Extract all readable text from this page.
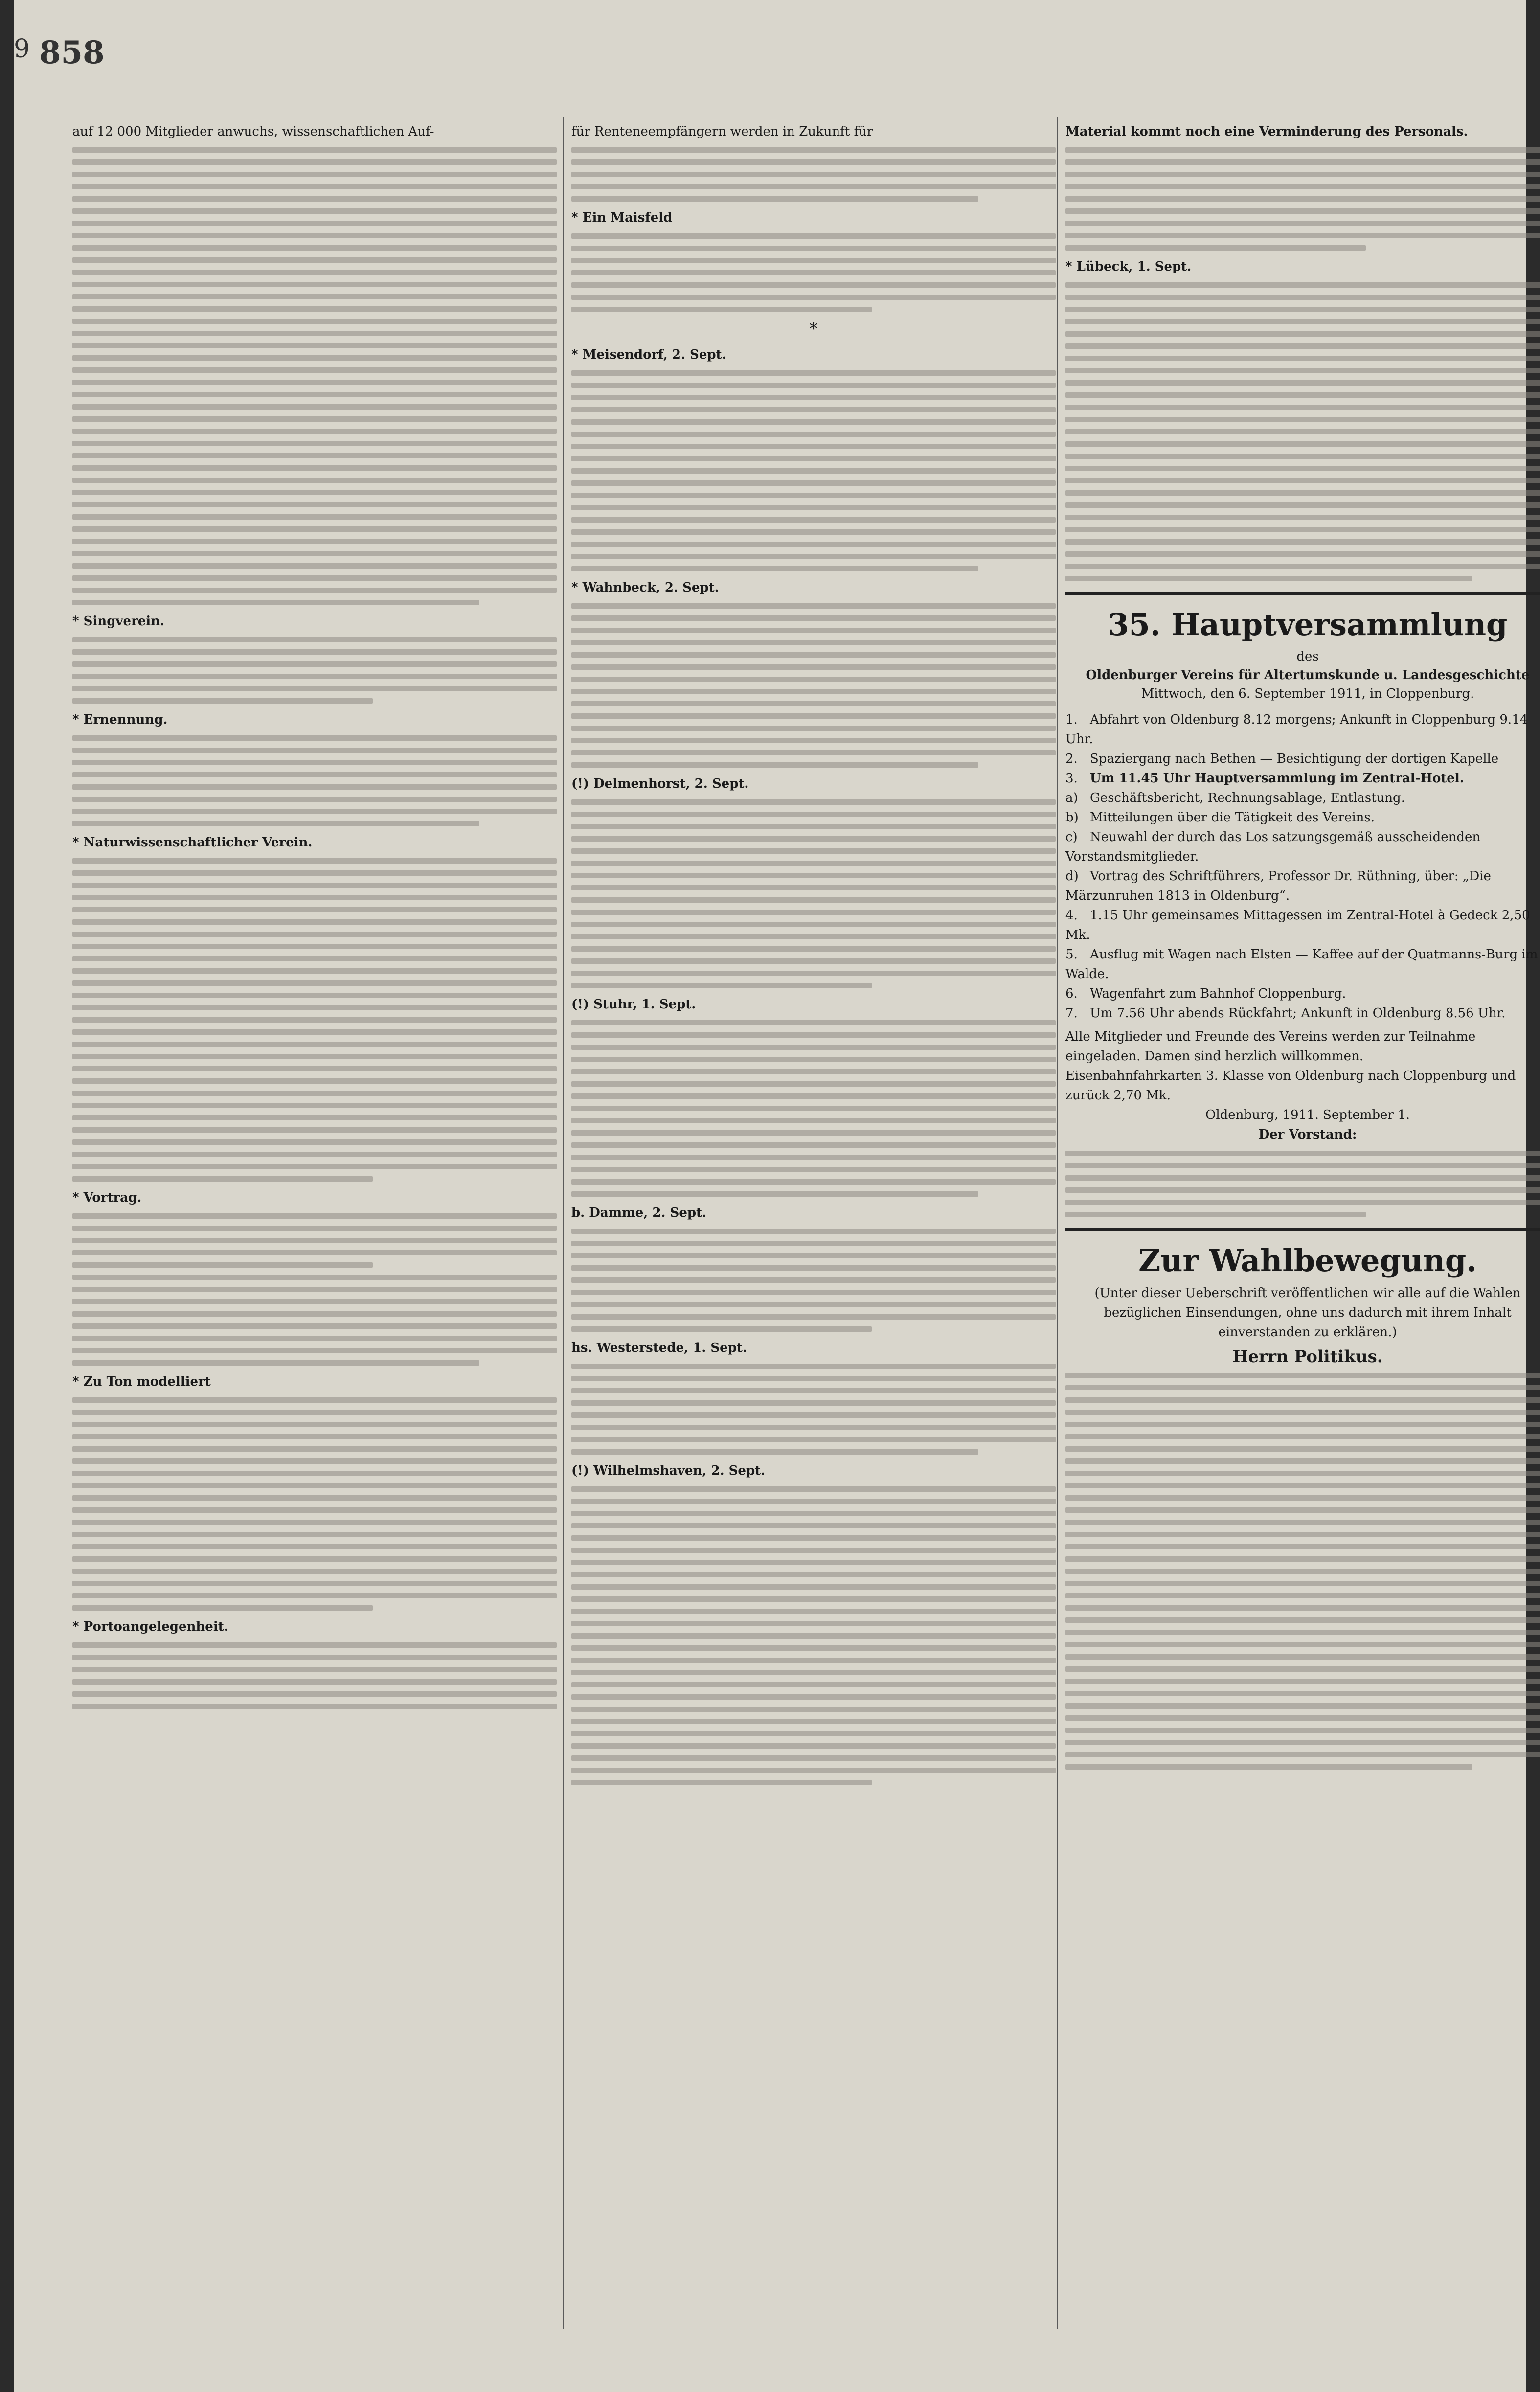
9 858

auf 12 000 Mitglieder anwuchs, wissenschaftlichen Auf-

* Singverein.

* Ernennung.

* Naturwissenschaftlicher Verein.

* Vortrag.

* Zu Ton modelliert

* Portoangelegenheit.

für Renteneempfängern werden in Zukunft für

* Ein Maisfeld

*

* Meisendorf, 2. Sept.

* Wahnbeck, 2. Sept.

(!) Delmenhorst, 2. Sept.

(!) Stuhr, 1. Sept.

b. Damme, 2. Sept.

hs. Westerstede, 1. Sept.

(!) Wilhelmshaven, 2. Sept.

Material kommt noch eine Verminderung des Personals.

* Lübeck, 1. Sept.

35. Hauptversammlung

des

Oldenburger Vereins für Altertumskunde u. Landesgeschichte

Mittwoch, den 6. September 1911, in Cloppenburg.

1. Abfahrt von Oldenburg 8.12 morgens; Ankunft in Cloppenburg 9.14 Uhr.

2. Spaziergang nach Bethen — Besichtigung der dortigen Kapelle

3. Um 11.45 Uhr Hauptversammlung im Zentral-Hotel.

a) Geschäftsbericht, Rechnungsablage, Entlastung.

b) Mitteilungen über die Tätigkeit des Vereins.

c) Neuwahl der durch das Los satzungsgemäß ausscheidenden Vorstandsmitglieder.

d) Vortrag des Schriftführers, Professor Dr. Rüthning, über: „Die Märzunruhen 1813 in Oldenburg“.

4. 1.15 Uhr gemeinsames Mittagessen im Zentral-Hotel à Gedeck 2,50 Mk.

5. Ausflug mit Wagen nach Elsten — Kaffee auf der Quatmanns-Burg im Walde.

6. Wagenfahrt zum Bahnhof Cloppenburg.

7. Um 7.56 Uhr abends Rückfahrt; Ankunft in Oldenburg 8.56 Uhr.

Alle Mitglieder und Freunde des Vereins werden zur Teilnahme eingeladen. Damen sind herzlich willkommen.

Eisenbahnfahrkarten 3. Klasse von Oldenburg nach Cloppenburg und zurück 2,70 Mk.

Oldenburg, 1911. September 1.

Der Vorstand:

Zur Wahlbewegung.

(Unter dieser Ueberschrift veröffentlichen wir alle auf die Wahlen bezüglichen Einsendungen, ohne uns dadurch mit ihrem Inhalt einverstanden zu erklären.)

Herrn Politikus.
